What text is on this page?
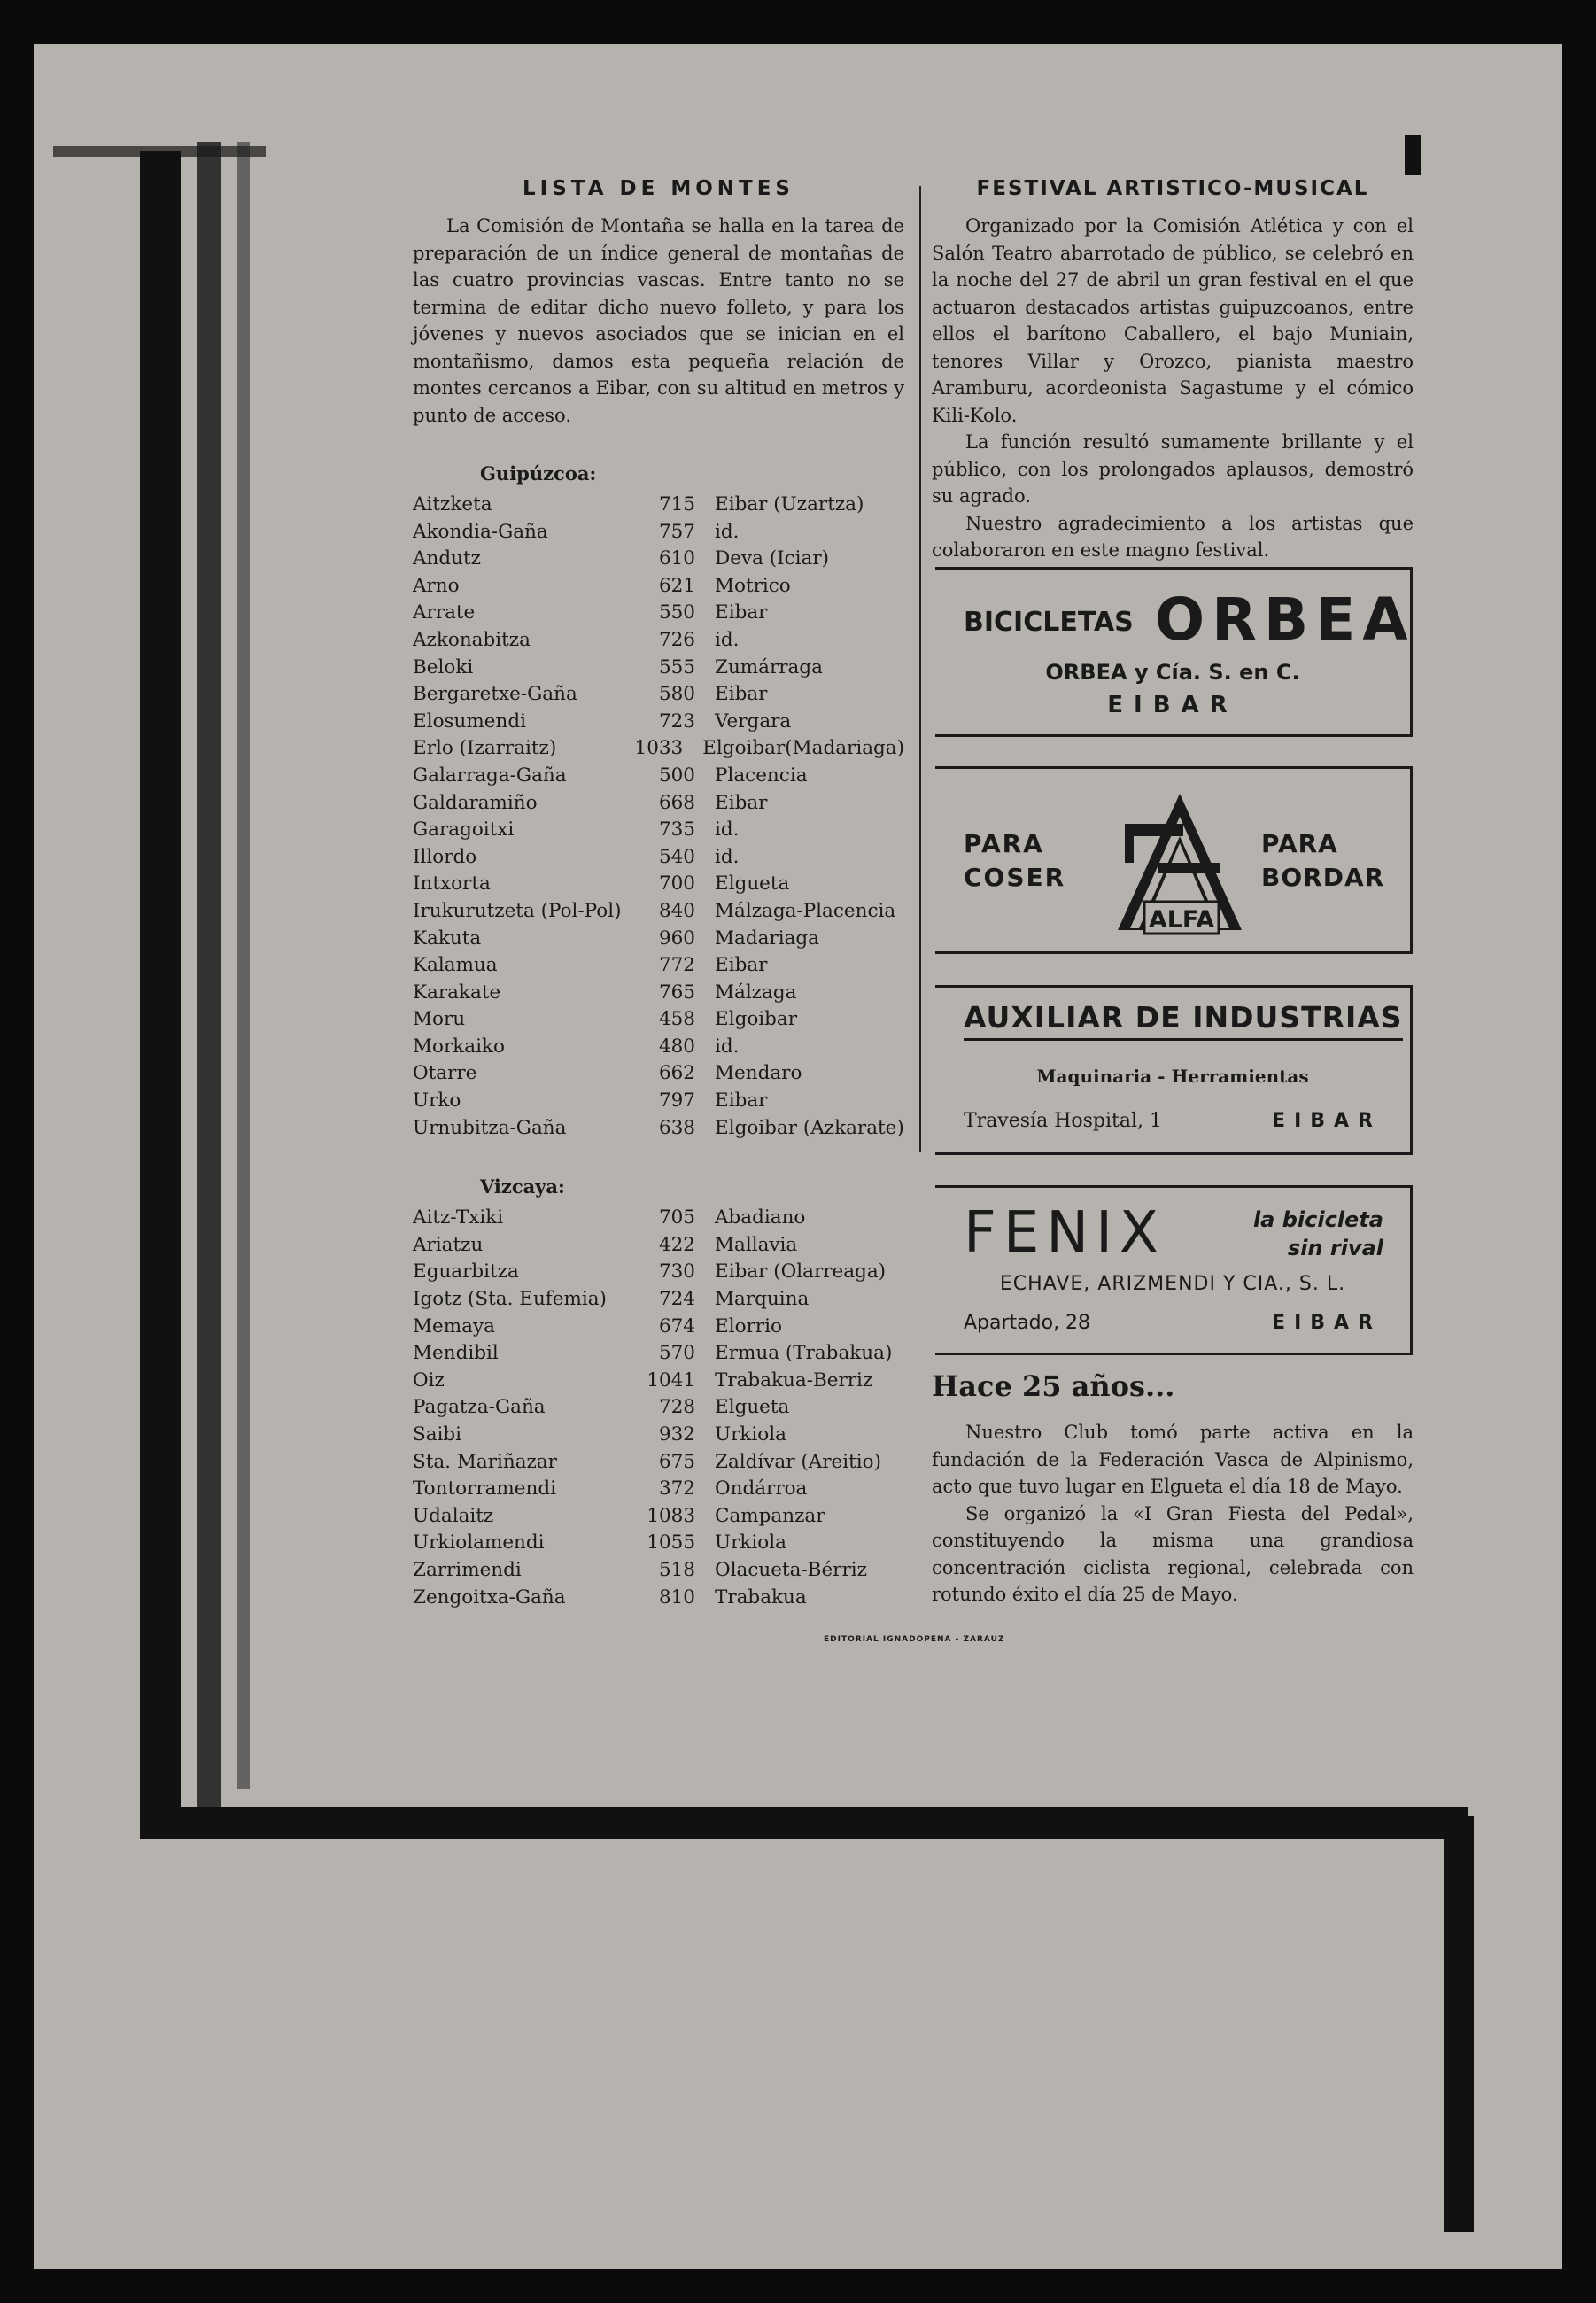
LISTA DE MONTES

La Comisión de Montaña se halla en la tarea de preparación de un índice general de montañas de las cuatro provincias vascas. Entre tanto no se termina de editar dicho nuevo folleto, y para los jóvenes y nuevos asociados que se inician en el montañismo, damos esta pequeña relación de montes cercanos a Eibar, con su altitud en metros y punto de acceso.

Guipúzcoa:
Aitzketa	715	Eibar (Uzartza)
Akondia-Gaña	757	id.
Andutz	610	Deva (Iciar)
Arno	621	Motrico
Arrate	550	Eibar
Azkonabitza	726	id.
Beloki	555	Zumárraga
Bergaretxe-Gaña	580	Eibar
Elosumendi	723	Vergara
Erlo (Izarraitz)	1033	Elgoibar(Madariaga)
Galarraga-Gaña	500	Placencia
Galdaramiño	668	Eibar
Garagoitxi	735	id.
Illordo	540	id.
Intxorta	700	Elgueta
Irukurutzeta (Pol-Pol)	840	Málzaga-Placencia
Kakuta	960	Madariaga
Kalamua	772	Eibar
Karakate	765	Málzaga
Moru	458	Elgoibar
Morkaiko	480	id.
Otarre	662	Mendaro
Urko	797	Eibar
Urnubitza-Gaña	638	Elgoibar (Azkarate)
Vizcaya:
Aitz-Txiki	705	Abadiano
Ariatzu	422	Mallavia
Eguarbitza	730	Eibar (Olarreaga)
Igotz (Sta. Eufemia)	724	Marquina
Memaya	674	Elorrio
Mendibil	570	Ermua (Trabakua)
Oiz	1041	Trabakua-Berriz
Pagatza-Gaña	728	Elgueta
Saibi	932	Urkiola
Sta. Mariñazar	675	Zaldívar (Areitio)
Tontorramendi	372	Ondárroa
Udalaitz	1083	Campanzar
Urkiolamendi	1055	Urkiola
Zarrimendi	518	Olacueta-Bérriz
Zengoitxa-Gaña	810	Trabakua
FESTIVAL ARTISTICO-MUSICAL

Organizado por la Comisión Atlética y con el Salón Teatro abarrotado de público, se celebró en la noche del 27 de abril un gran festival en el que actuaron destacados artistas guipuzcoanos, entre ellos el barítono Caballero, el bajo Muniain, tenores Villar y Orozco, pianista maestro Aramburu, acordeonista Sagastume y el cómico Kili-Kolo.

La función resultó sumamente brillante y el público, con los prolongados aplausos, demostró su agrado.

Nuestro agradecimiento a los artistas que colaboraron en este magno festival.

BICICLETAS ORBEA
ORBEA y Cía. S. en C.
EIBAR
PARA
COSER
ALFA
PARA
BORDAR
AUXILIAR DE INDUSTRIAS
Maquinaria - Herramientas
Travesía Hospital, 1	EIBAR
FENIX	la bicicleta
sin rival
ECHAVE, ARIZMENDI Y CIA., S. L.
Apartado, 28	EIBAR
Hace 25 años...

Nuestro Club tomó parte activa en la fundación de la Federación Vasca de Alpinismo, acto que tuvo lugar en Elgueta el día 18 de Mayo.

Se organizó la «I Gran Fiesta del Pedal», constituyendo la misma una grandiosa concentración ciclista regional, celebrada con rotundo éxito el día 25 de Mayo.

EDITORIAL IGNADOPENA - ZARAUZ
